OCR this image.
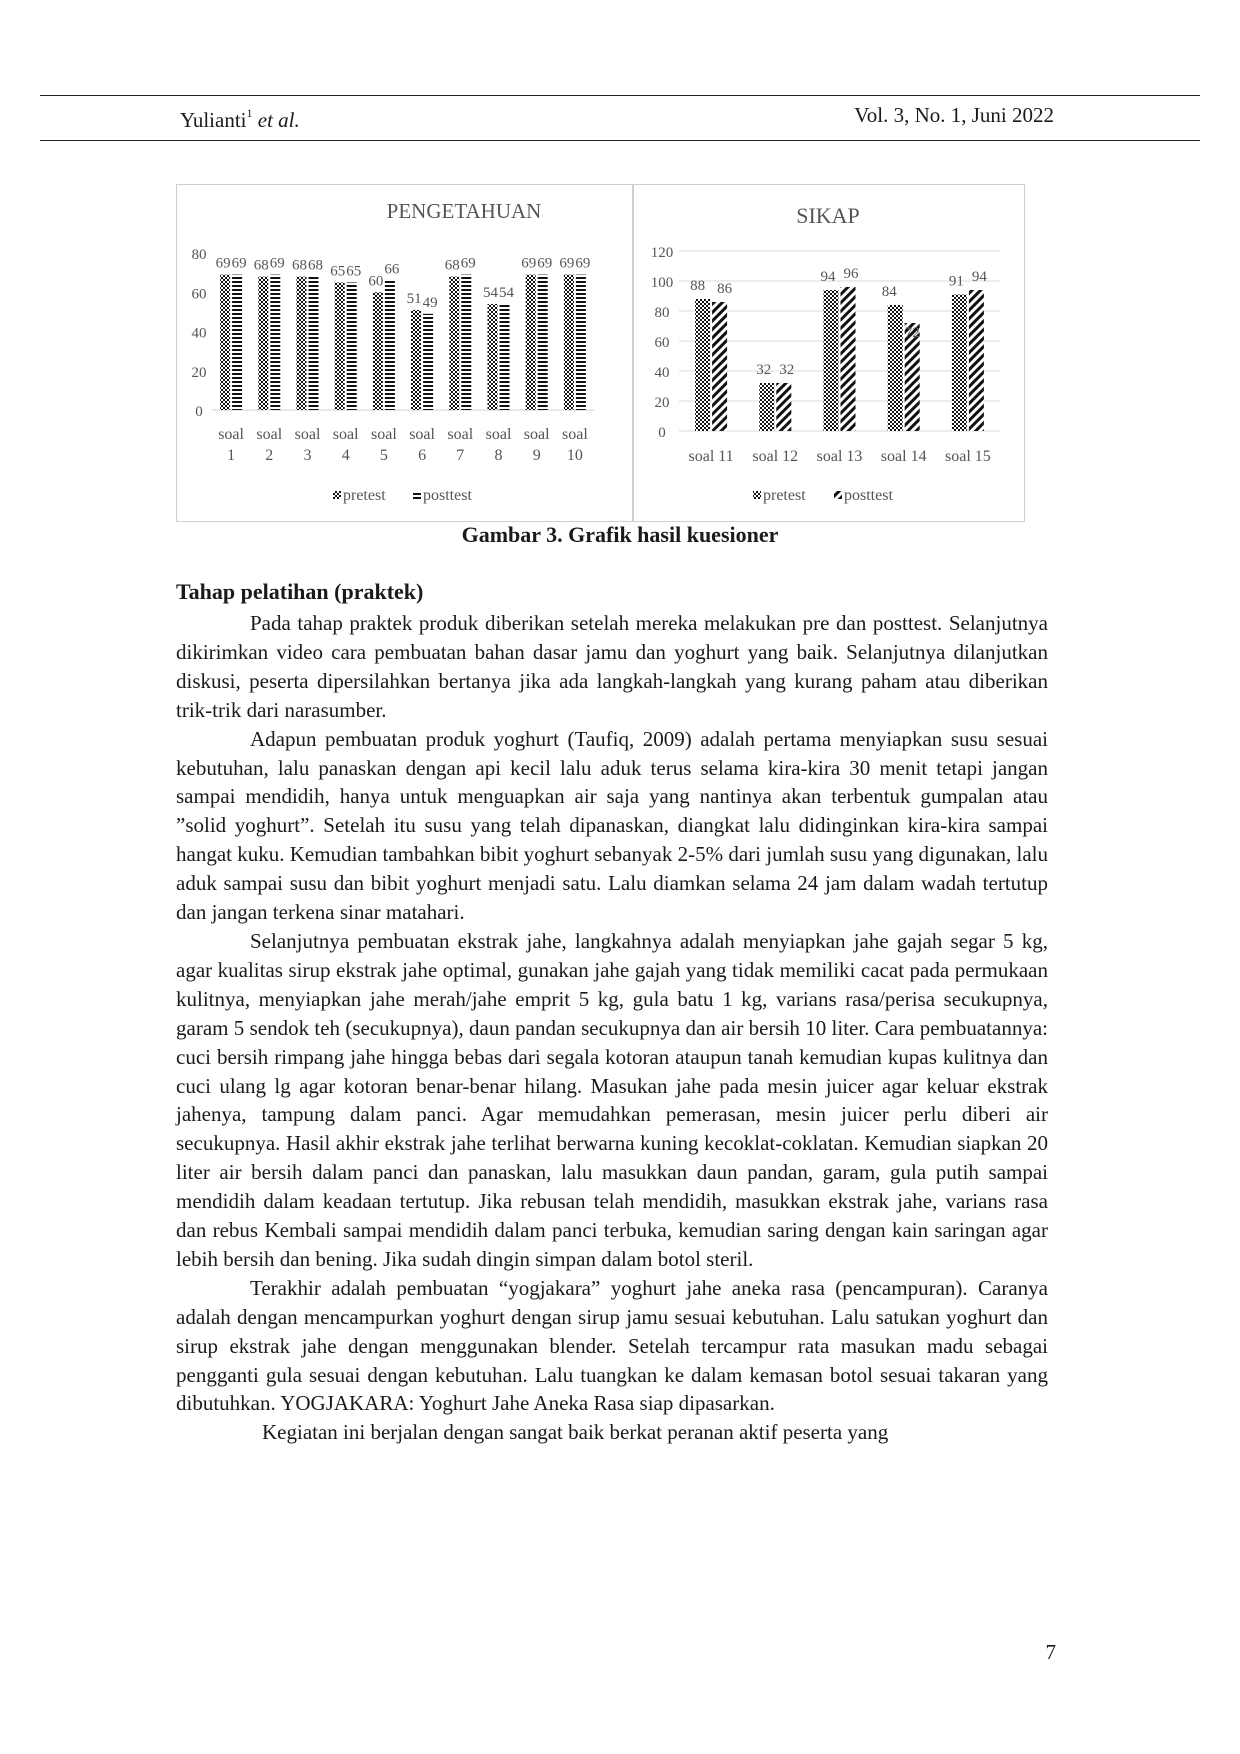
Yulianti$^1$ et al.	Vol. 3, No. 1, Juni 2022
PENGETAHUAN
0
20
40
60
80
69 69
soal
1
68 69
soal
2
68 68
soal
3
65 65
soal
4
60
66
soal
5
51 49
soal
6
68 69
soal
7
54 54
soal
8
69 69
soal
9
69 69
soal
10
pretest posttest
SIKAP
0
20
40
60
80
100
120
88 86
soal 11
32 32
soal 12
94 96
soal 13
84
72
soal 14
91 94
soal 15
pretest posttest
Gambar 3. Grafik hasil kuesioner
Tahap pelatihan (praktek)

Pada tahap praktek produk diberikan setelah mereka melakukan pre dan posttest. Selanjutnya dikirimkan video cara pembuatan bahan dasar jamu dan yoghurt yang baik. Selanjutnya dilanjutkan diskusi, peserta dipersilahkan bertanya jika ada langkah-langkah yang kurang paham atau diberikan trik-trik dari narasumber.

Adapun pembuatan produk yoghurt (Taufiq, 2009) adalah pertama menyiapkan susu sesuai kebutuhan, lalu panaskan dengan api kecil lalu aduk terus selama kira-kira 30 menit tetapi jangan sampai mendidih, hanya untuk menguapkan air saja yang nantinya akan terbentuk gumpalan atau ”solid yoghurt”. Setelah itu susu yang telah dipanaskan, diangkat lalu didinginkan kira-kira sampai hangat kuku. Kemudian tambahkan bibit yoghurt sebanyak 2-5% dari jumlah susu yang digunakan, lalu aduk sampai susu dan bibit yoghurt menjadi satu. Lalu diamkan selama 24 jam dalam wadah tertutup dan jangan terkena sinar matahari.

Selanjutnya pembuatan ekstrak jahe, langkahnya adalah menyiapkan jahe gajah segar 5 kg, agar kualitas sirup ekstrak jahe optimal, gunakan jahe gajah yang tidak memiliki cacat pada permukaan kulitnya, menyiapkan jahe merah/jahe emprit 5 kg, gula batu 1 kg, varians rasa/perisa secukupnya, garam 5 sendok teh (secukupnya), daun pandan secukupnya dan air bersih 10 liter. Cara pembuatannya: cuci bersih rimpang jahe hingga bebas dari segala kotoran ataupun tanah kemudian kupas kulitnya dan cuci ulang lg agar kotoran benar-benar hilang. Masukan jahe pada mesin juicer agar keluar ekstrak jahenya, tampung dalam panci. Agar memudahkan pemerasan, mesin juicer perlu diberi air secukupnya. Hasil akhir ekstrak jahe terlihat berwarna kuning kecoklat-coklatan. Kemudian siapkan 20 liter air bersih dalam panci dan panaskan, lalu masukkan daun pandan, garam, gula putih sampai mendidih dalam keadaan tertutup. Jika rebusan telah mendidih, masukkan ekstrak jahe, varians rasa dan rebus Kembali sampai mendidih dalam panci terbuka, kemudian saring dengan kain saringan agar lebih bersih dan bening. Jika sudah dingin simpan dalam botol steril.

Terakhir adalah pembuatan “yogjakara” yoghurt jahe aneka rasa (pencampuran). Caranya adalah dengan mencampurkan yoghurt dengan sirup jamu sesuai kebutuhan. Lalu satukan yoghurt dan sirup ekstrak jahe dengan menggunakan blender. Setelah tercampur rata masukan madu sebagai pengganti gula sesuai dengan kebutuhan. Lalu tuangkan ke dalam kemasan botol sesuai takaran yang dibutuhkan. YOGJAKARA: Yoghurt Jahe Aneka Rasa siap dipasarkan.

Kegiatan ini berjalan dengan sangat baik berkat peranan aktif peserta yang

7
